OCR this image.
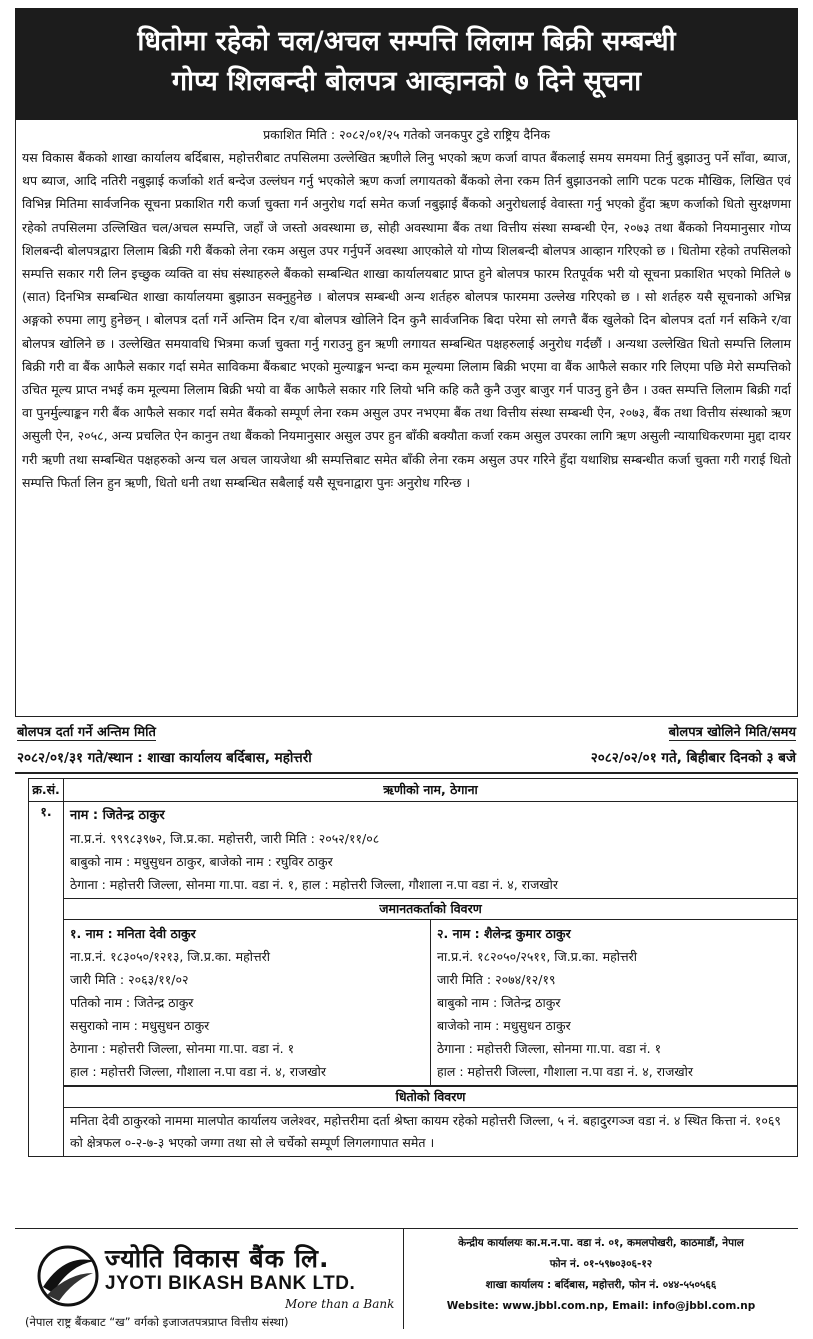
धितोमा रहेको चल/अचल सम्पत्ति लिलाम बिक्री सम्बन्धी
गोप्य शिलबन्दी बोलपत्र आव्हानको ७ दिने सूचना
प्रकाशित मिति : २०८२/०१/२५ गतेको जनकपुर टुडे राष्ट्रिय दैनिक
यस विकास बैंकको शाखा कार्यालय बर्दिबास, महोत्तरीबाट तपसिलमा उल्लेखित ऋणीले लिनु भएको ऋण कर्जा वापत बैंकलाई समय समयमा तिर्नु बुझाउनु पर्ने साँवा, ब्याज, थप ब्याज, आदि नतिरी नबुझाई कर्जाको शर्त बन्देज उल्लंघन गर्नु भएकोले ऋण कर्जा लगायतको बैंकको लेना रकम तिर्न बुझाउनको लागि पटक पटक मौखिक, लिखित एवं विभिन्न मितिमा सार्वजनिक सूचना प्रकाशित गरी कर्जा चुक्ता गर्न अनुरोध गर्दा समेत कर्जा नबुझाई बैंकको अनुरोधलाई वेवास्ता गर्नु भएको हुँदा ऋण कर्जाको धितो सुरक्षणमा रहेको तपसिलमा उल्लिखित चल/अचल सम्पत्ति, जहाँ जे जस्तो अवस्थामा छ, सोही अवस्थामा बैंक तथा वित्तीय संस्था सम्बन्धी ऐन, २०७३ तथा बैंकको नियमानुसार गोप्य शिलबन्दी बोलपत्रद्वारा लिलाम बिक्री गरी बैंकको लेना रकम असुल उपर गर्नुपर्ने अवस्था आएकोले यो गोप्य शिलबन्दी बोलपत्र आव्हान गरिएको छ । धितोमा रहेको तपसिलको सम्पत्ति सकार गरी लिन इच्छुक व्यक्ति वा संघ संस्थाहरुले बैंकको सम्बन्धित शाखा कार्यालयबाट प्राप्त हुने बोलपत्र फारम रितपूर्वक भरी यो सूचना प्रकाशित भएको मितिले ७ (सात) दिनभित्र सम्बन्धित शाखा कार्यालयमा बुझाउन सक्नुहुनेछ । बोलपत्र सम्बन्धी अन्य शर्तहरु बोलपत्र फारममा उल्लेख गरिएको छ । सो शर्तहरु यसै सूचनाको अभिन्न अङ्गको रुपमा लागु हुनेछन् । बोलपत्र दर्ता गर्ने अन्तिम दिन र/वा बोलपत्र खोलिने दिन कुनै सार्वजनिक बिदा परेमा सो लगत्तै बैंक खुलेको दिन बोलपत्र दर्ता गर्न सकिने र/वा बोलपत्र खोलिने छ । उल्लेखित समयावधि भित्रमा कर्जा चुक्ता गर्नु गराउनु हुन ऋणी लगायत सम्बन्धित पक्षहरुलाई अनुरोध गर्दछौं । अन्यथा उल्लेखित धितो सम्पत्ति लिलाम बिक्री गरी वा बैंक आफैले सकार गर्दा समेत साविकमा बैंकबाट भएको मुल्याङ्कन भन्दा कम मूल्यमा लिलाम बिक्री भएमा वा बैंक आफैले सकार गरि लिएमा पछि मेरो सम्पत्तिको उचित मूल्य प्राप्त नभई कम मूल्यमा लिलाम बिक्री भयो वा बैंक आफैले सकार गरि लियो भनि कहि कतै कुनै उजुर बाजुर गर्न पाउनु हुने छैन । उक्त सम्पत्ति लिलाम बिक्री गर्दा वा पुनर्मुल्याङ्कन गरी बैंक आफैले सकार गर्दा समेत बैंकको सम्पूर्ण लेना रकम असुल उपर नभएमा बैंक तथा वित्तीय संस्था सम्बन्धी ऐन, २०७३, बैंक तथा वित्तीय संस्थाको ऋण असुली ऐन, २०५८, अन्य प्रचलित ऐन कानुन तथा बैंकको नियमानुसार असुल उपर हुन बाँकी बक्यौता कर्जा रकम असुल उपरका लागि ऋण असुली न्यायाधिकरणमा मुद्दा दायर गरी ऋणी तथा सम्बन्धित पक्षहरुको अन्य चल अचल जायजेथा श्री सम्पत्तिबाट समेत बाँकी लेना रकम असुल उपर गरिने हुँदा यथाशिघ्र सम्बन्धीत कर्जा चुक्ता गरी गराई धितो सम्पत्ति फिर्ता लिन हुन ऋणी, धितो धनी तथा सम्बन्धित सबैलाई यसै सूचनाद्वारा पुनः अनुरोध गरिन्छ ।
बोलपत्र दर्ता गर्ने अन्तिम मिति	बोलपत्र खोलिने मिति/समय
२०८२/०१/३१ गते/स्थान : शाखा कार्यालय बर्दिबास, महोत्तरी	२०८२/०२/०१ गते, बिहीबार दिनको ३ बजे
क्र.सं.	ऋणीको नाम, ठेगाना
१.	नाम : जितेन्द्र ठाकुर
ना.प्र.नं. ९९९८३९७२, जि.प्र.का. महोत्तरी, जारी मिति : २०५२/११/०८
बाबुको नाम : मधुसुधन ठाकुर, बाजेको नाम : रघुविर ठाकुर
ठेगाना : महोत्तरी जिल्ला, सोनमा गा.पा. वडा नं. १, हाल : महोत्तरी जिल्ला, गौशाला न.पा वडा नं. ४, राजखोर
जमानतकर्ताको विवरण
१. नाम : मनिता देवी ठाकुर
ना.प्र.नं. १८३०५०/१२१३, जि.प्र.का. महोत्तरी
जारी मिति : २०६३/११/०२
पतिको नाम : जितेन्द्र ठाकुर
ससुराको नाम : मधुसुधन ठाकुर
ठेगाना : महोत्तरी जिल्ला, सोनमा गा.पा. वडा नं. १
हाल : महोत्तरी जिल्ला, गौशाला न.पा वडा नं. ४, राजखोर

२. नाम : शैलेन्द्र कुमार ठाकुर
ना.प्र.नं. १८२०५०/२५११, जि.प्र.का. महोत्तरी
जारी मिति : २०७४/१२/१९
बाबुको नाम : जितेन्द्र ठाकुर
बाजेको नाम : मधुसुधन ठाकुर
ठेगाना : महोत्तरी जिल्ला, सोनमा गा.पा. वडा नं. १
हाल : महोत्तरी जिल्ला, गौशाला न.पा वडा नं. ४, राजखोर
धितोको विवरण
मनिता देवी ठाकुरको नाममा मालपोत कार्यालय जलेश्वर, महोत्तरीमा दर्ता श्रेष्ता कायम रहेको महोत्तरी जिल्ला, ५ नं. बहादुरगञ्ज वडा नं. ४ स्थित कित्ता नं. १०६९ को क्षेत्रफल ०-२-७-३ भएको जग्गा तथा सो ले चर्चेको सम्पूर्ण लिगलगापात समेत ।
ज्योति विकास बैंक लि.
JYOTI BIKASH BANK LTD.
More than a Bank
(नेपाल राष्ट्र बैंकबाट “ख” वर्गको इजाजतपत्रप्राप्त वित्तीय संस्था)
केन्द्रीय कार्यालयः का.म.न.पा. वडा नं. ०१, कमलपोखरी, काठमाडौं, नेपाल
फोन नं. ०१-५९७०३०६-१२
शाखा कार्यालय : बर्दिबास, महोत्तरी, फोन नं. ०४४-५५०५६६
Website: www.jbbl.com.np, Email: info@jbbl.com.np
